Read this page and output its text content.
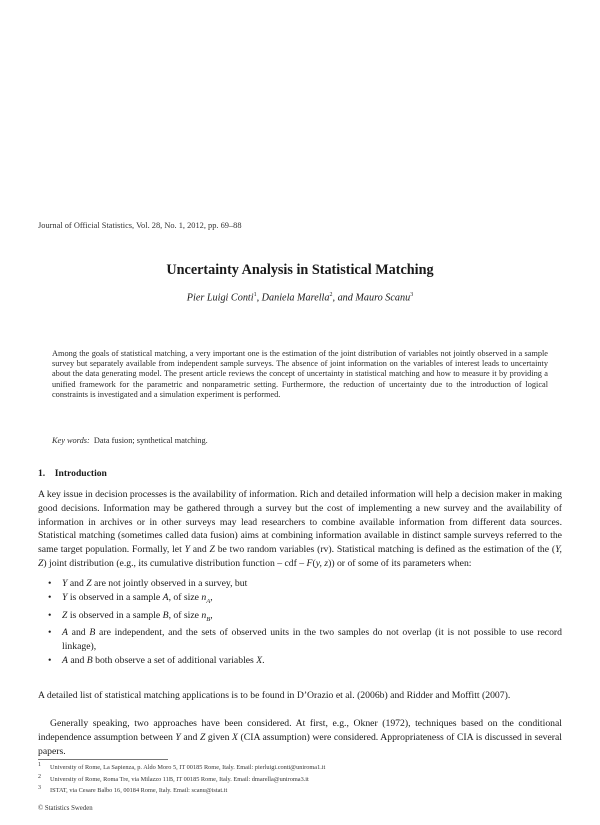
Journal of Official Statistics, Vol. 28, No. 1, 2012, pp. 69–88
Uncertainty Analysis in Statistical Matching
Pier Luigi Conti$^1$, Daniela Marella$^2$, and Mauro Scanu$^3$
Among the goals of statistical matching, a very important one is the estimation of the joint distribution of variables not jointly observed in a sample survey but separately available from independent sample surveys. The absence of joint information on the variables of interest leads to uncertainty about the data generating model. The present article reviews the concept of uncertainty in statistical matching and how to measure it by providing a unified framework for the parametric and nonparametric setting. Furthermore, the reduction of uncertainty due to the introduction of logical constraints is investigated and a simulation experiment is performed.
Key words: Data fusion; synthetical matching.
1. Introduction
A key issue in decision processes is the availability of information. Rich and detailed information will help a decision maker in making good decisions. Information may be gathered through a survey but the cost of implementing a new survey and the availability of information in archives or in other surveys may lead researchers to combine available information from different data sources. Statistical matching (sometimes called data fusion) aims at combining information available in distinct sample surveys referred to the same target population. Formally, let Y and Z be two random variables (rv). Statistical matching is defined as the estimation of the (Y, Z) joint distribution (e.g., its cumulative distribution function – cdf – F(y, z)) or of some of its parameters when:
• Y and Z are not jointly observed in a survey, but
• Y is observed in a sample A, of size $n_A$,
• Z is observed in a sample B, of size $n_B$,
• A and B are independent, and the sets of observed units in the two samples do not overlap (it is not possible to use record linkage),
• A and B both observe a set of additional variables X.
A detailed list of statistical matching applications is to be found in D’Orazio et al. (2006b) and Ridder and Moffitt (2007).
Generally speaking, two approaches have been considered. At first, e.g., Okner (1972), techniques based on the conditional independence assumption between Y and Z given X (CIA assumption) were considered. Appropriateness of CIA is discussed in several papers.
$^1$ University of Rome, La Sapienza, p. Aldo Moro 5, IT 00185 Rome, Italy. Email: pierluigi.conti@uniroma1.it
$^2$ University of Rome, Roma Tre, via Milazzo 11B, IT 00185 Rome, Italy. Email: dmarella@uniroma3.it
$^3$ ISTAT, via Cesare Balbo 16, 00184 Rome, Italy. Email: scanu@istat.it
© Statistics Sweden
